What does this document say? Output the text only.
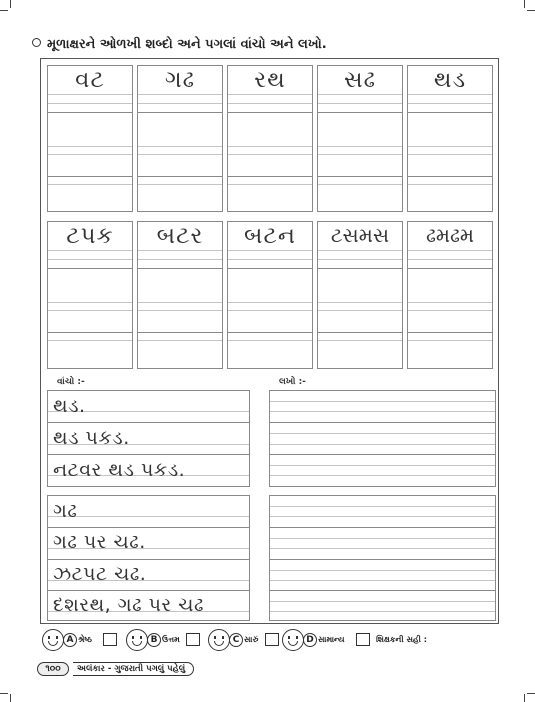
મૂળાક્ષરને ઓળખી શબ્દો અને પગલાં વાંચો અને લખો.
વટ	ગઢ	રથ	સઢ	થડ
ટપક	બટર	બટન	ટસમસ	ઢમઢમ
વાંચો :-	લખો :-
થડ.
થડ પકડ.
નટવર થડ પકડ.
ગઢ
ગઢ પર ચઢ.
ઝટપટ ચઢ.
દશરથ, ગઢ પર ચઢ
A શ્રેષ્ઠ	B ઉત્તમ	C સારું	D સામાન્ય	શિક્ષકની સહી :
૧૦૦	અલંકાર - ગુજરાતી પગલું પહેલું
